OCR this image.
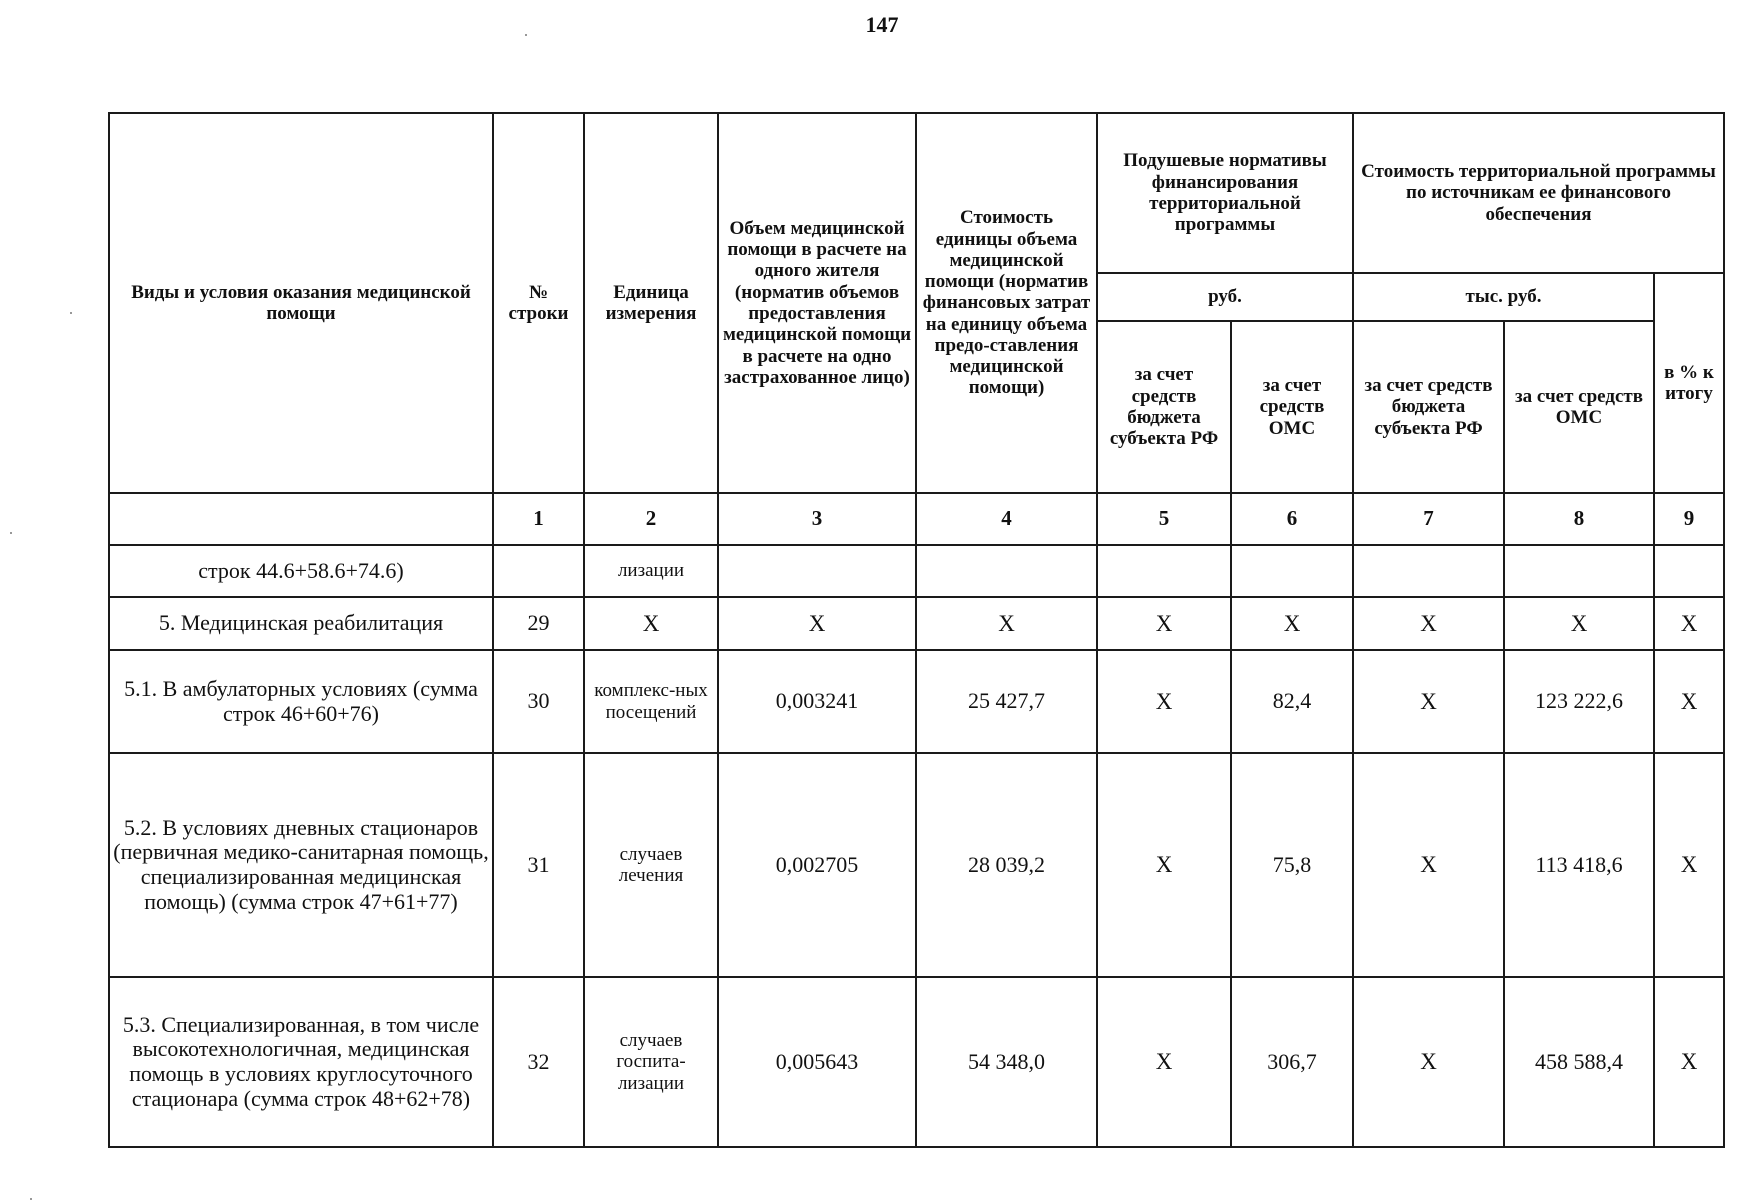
147
Виды и условия оказания медицинской помощи	№ строки	Единица измерения	Объем медицинской помощи в расчете на одного жителя (норматив объемов предоставления медицинской помощи в расчете на одно застрахованное лицо)	Стоимость единицы объема медицинской помощи (норматив финансовых затрат на единицу объема предо-ставления медицинской помощи)	Подушевые нормативы финансирования территориальной программы		Стоимость территориальной программы по источникам ее финансового обеспечения		
					руб.		тыс. руб.		в % к итогу
					за счет средств бюджета субъекта РФ	за счет средств ОМС	за счет средств бюджета субъекта РФ	за счет средств ОМС	
	1	2	3	4	5	6	7	8	9
строк 44.6+58.6+74.6)		лизации							
5. Медицинская реабилитация	29	X	X	X	X	X	X	X	X
5.1. В амбулаторных условиях (сумма строк 46+60+76)	30	комплекс-ных посещений	0,003241	25 427,7	X	82,4	X	123 222,6	X
5.2. В условиях дневных стационаров (первичная медико-санитарная помощь, специализированная медицинская помощь) (сумма строк 47+61+77)	31	случаев лечения	0,002705	28 039,2	X	75,8	X	113 418,6	X
5.3. Специализированная, в том числе высокотехнологичная, медицинская помощь в условиях круглосуточного стационара (сумма строк 48+62+78)	32	случаев госпита-лизации	0,005643	54 348,0	X	306,7	X	458 588,4	X
